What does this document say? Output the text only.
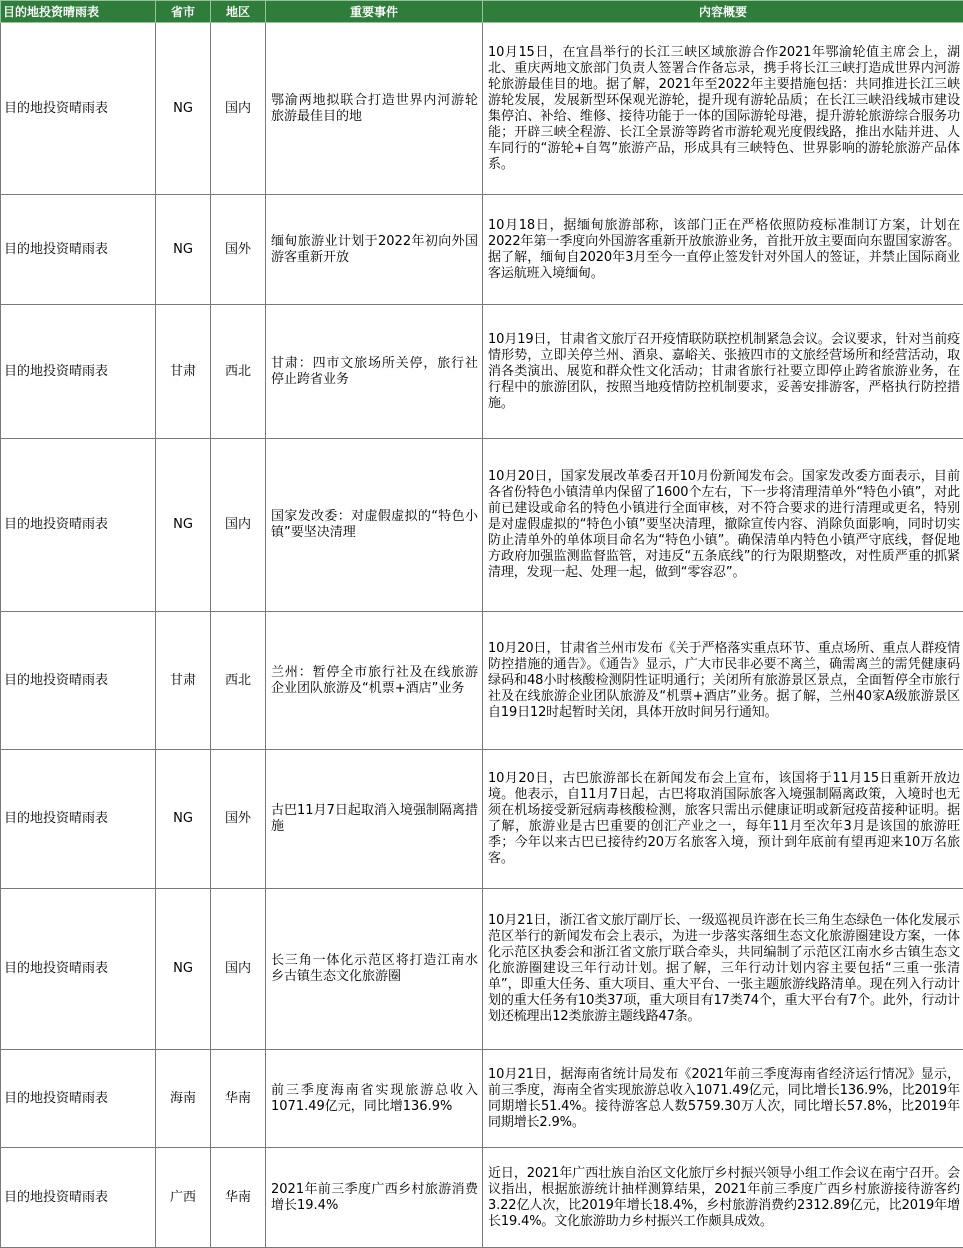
目的地投资晴雨表	省市	地区	重要事件	内容概要
目的地投资晴雨表	NG	国内	鄂渝两地拟联合打造世界内河游轮旅游最佳目的地	10月15日，在宜昌举行的长江三峡区域旅游合作2021年鄂渝轮值主席会上，湖北、重庆两地文旅部门负责人签署合作备忘录，携手将长江三峡打造成世界内河游轮旅游最佳目的地。据了解，2021年至2022年主要措施包括：共同推进长江三峡游轮发展，发展新型环保观光游轮，提升现有游轮品质；在长江三峡沿线城市建设集停泊、补给、维修、接待功能于一体的国际游轮母港，提升游轮旅游综合服务功能；开辟三峡全程游、长江全景游等跨省市游轮观光度假线路，推出水陆并进、人车同行的“游轮+自驾”旅游产品，形成具有三峡特色、世界影响的游轮旅游产品体系。
目的地投资晴雨表	NG	国外	缅甸旅游业计划于2022年初向外国游客重新开放	10月18日，据缅甸旅游部称，该部门正在严格依照防疫标准制订方案，计划在2022年第一季度向外国游客重新开放旅游业务，首批开放主要面向东盟国家游客。据了解，缅甸自2020年3月至今一直停止签发针对外国人的签证，并禁止国际商业客运航班入境缅甸。
目的地投资晴雨表	甘肃	西北	甘肃：四市文旅场所关停，旅行社停止跨省业务	10月19日，甘肃省文旅厅召开疫情联防联控机制紧急会议。会议要求，针对当前疫情形势，立即关停兰州、酒泉、嘉峪关、张掖四市的文旅经营场所和经营活动，取消各类演出、展览和群众性文化活动；甘肃省旅行社要立即停止跨省旅游业务，在行程中的旅游团队，按照当地疫情防控机制要求，妥善安排游客，严格执行防控措施。
目的地投资晴雨表	NG	国内	国家发改委：对虚假虚拟的“特色小镇”要坚决清理	10月20日，国家发展改革委召开10月份新闻发布会。国家发改委方面表示，目前各省份特色小镇清单内保留了1600个左右，下一步将清理清单外“特色小镇”，对此前已建设或命名的特色小镇进行全面审核，对不符合要求的进行清理或更名，特别是对虚假虚拟的“特色小镇”要坚决清理，撤除宣传内容、消除负面影响，同时切实防止清单外的单体项目命名为“特色小镇”。确保清单内特色小镇严守底线，督促地方政府加强监测监督监管，对违反“五条底线”的行为限期整改，对性质严重的抓紧清理，发现一起、处理一起，做到“零容忍”。
目的地投资晴雨表	甘肃	西北	兰州：暂停全市旅行社及在线旅游企业团队旅游及“机票+酒店”业务	10月20日，甘肃省兰州市发布《关于严格落实重点环节、重点场所、重点人群疫情防控措施的通告》。《通告》显示，广大市民非必要不离兰，确需离兰的需凭健康码绿码和48小时核酸检测阴性证明通行；关闭所有旅游景区景点，全面暂停全市旅行社及在线旅游企业团队旅游及“机票+酒店”业务。据了解，兰州40家A级旅游景区自19日12时起暂时关闭，具体开放时间另行通知。
目的地投资晴雨表	NG	国外	古巴11月7日起取消入境强制隔离措施	10月20日，古巴旅游部长在新闻发布会上宣布，该国将于11月15日重新开放边境。他表示，自11月7日起，古巴将取消国际旅客入境强制隔离政策，入境时也无须在机场接受新冠病毒核酸检测，旅客只需出示健康证明或新冠疫苗接种证明。据了解，旅游业是古巴重要的创汇产业之一，每年11月至次年3月是该国的旅游旺季；今年以来古巴已接待约20万名旅客入境，预计到年底前有望再迎来10万名旅客。
目的地投资晴雨表	NG	国内	长三角一体化示范区将打造江南水乡古镇生态文化旅游圈	10月21日，浙江省文旅厅副厅长、一级巡视员许澎在长三角生态绿色一体化发展示范区举行的新闻发布会上表示，为进一步落实落细生态文化旅游圈建设方案，一体化示范区执委会和浙江省文旅厅联合牵头，共同编制了示范区江南水乡古镇生态文化旅游圈建设三年行动计划。据了解，三年行动计划内容主要包括“三重一张清单”，即重大任务、重大项目、重大平台、一张主题旅游线路清单。现在列入行动计划的重大任务有10类37项，重大项目有17类74个，重大平台有7个。此外，行动计划还梳理出12类旅游主题线路47条。
目的地投资晴雨表	海南	华南	前三季度海南省实现旅游总收入1071.49亿元，同比增136.9%	10月21日，据海南省统计局发布《2021年前三季度海南省经济运行情况》显示，前三季度，海南全省实现旅游总收入1071.49亿元，同比增长136.9%，比2019年同期增长51.4%。接待游客总人数5759.30万人次，同比增长57.8%，比2019年同期增长2.9%。
目的地投资晴雨表	广西	华南	2021年前三季度广西乡村旅游消费增长19.4%	近日，2021年广西壮族自治区文化旅厅乡村振兴领导小组工作会议在南宁召开。会议指出，根据旅游统计抽样测算结果，2021年前三季度广西乡村旅游接待游客约3.22亿人次，比2019年增长18.4%，乡村旅游消费约2312.89亿元，比2019年增长19.4%。文化旅游助力乡村振兴工作颇具成效。
